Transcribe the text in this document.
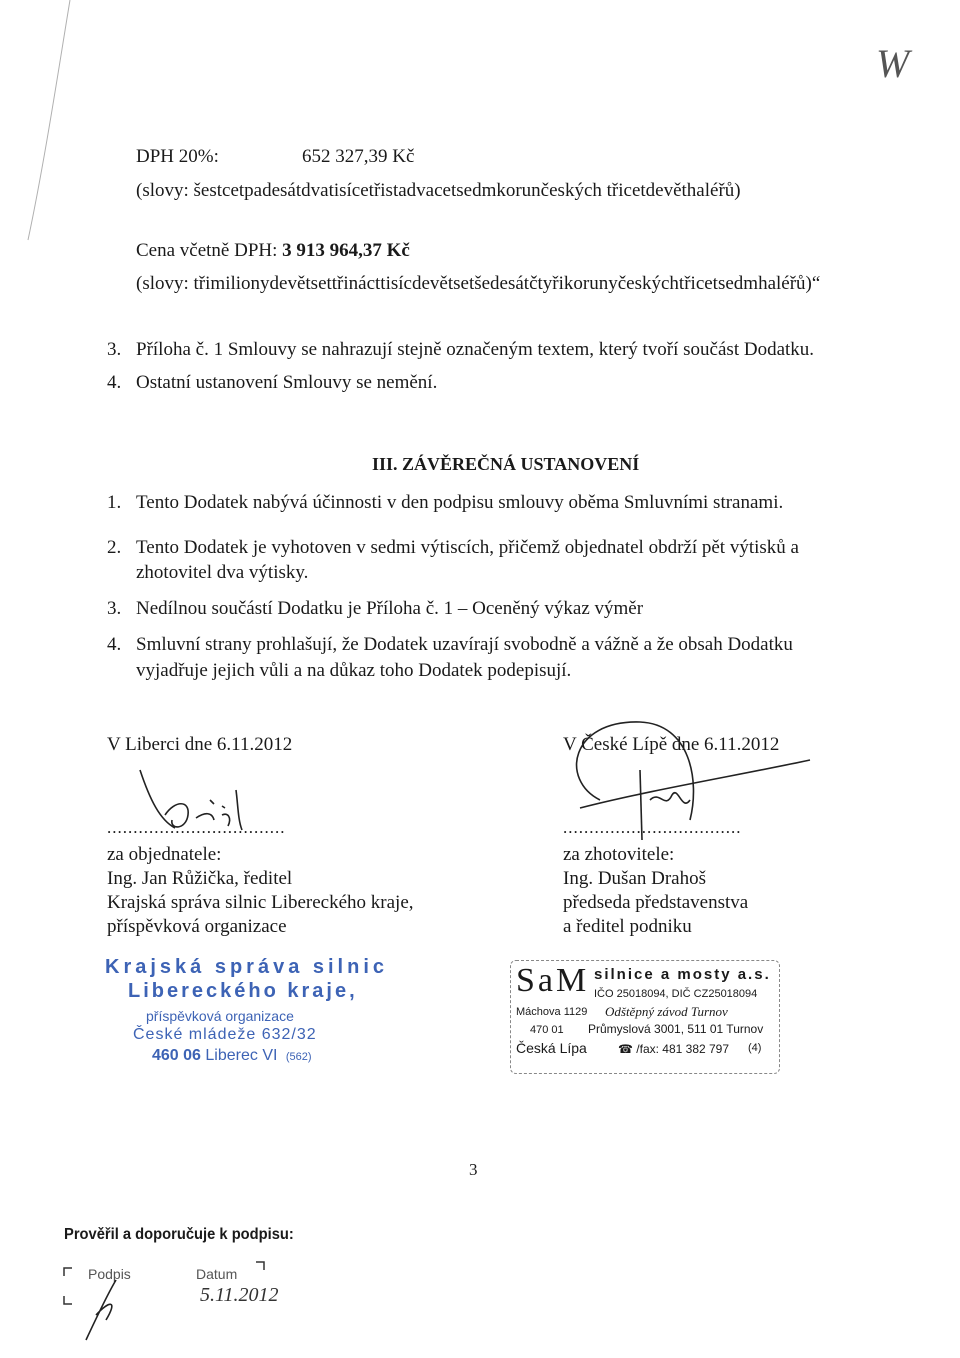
DPH 20%:	652 327,39 Kč
(slovy: šestcetpadesátdvatisícetřistadvacetsedmkorunčeských třicetdevěthaléřů)
Cena včetně DPH: 3 913 964,37 Kč
(slovy: třimilionydevětsettřinácttisícdevětsetšedesátčtyřikorunyčeskýchtřicetsedmhaléřů)“
3. Příloha č. 1 Smlouvy se nahrazují stejně označeným textem, který tvoří součást Dodatku.
4. Ostatní ustanovení Smlouvy se nemění.
III. ZÁVĚREČNÁ USTANOVENÍ
1. Tento Dodatek nabývá účinnosti v den podpisu smlouvy oběma Smluvními stranami.
2. Tento Dodatek je vyhotoven v sedmi výtiscích, přičemž objednatel obdrží pět výtisků a
zhotovitel dva výtisky.
3. Nedílnou součástí Dodatku je Příloha č. 1 – Oceněný výkaz výměr
4. Smluvní strany prohlašují, že Dodatek uzavírají svobodně a vážně a že obsah Dodatku
vyjadřuje jejich vůli a na důkaz toho Dodatek podepisují.
V Liberci dne 6.11.2012
..................................
za objednatele:
Ing. Jan Růžička, ředitel
Krajská správa silnic Libereckého kraje,
příspěvková organizace
V České Lípě dne 6.11.2012
..................................
za zhotovitele:
Ing. Dušan Drahoš
předseda představenstva
a ředitel podniku
Krajská správa silnic
Libereckého kraje,
příspěvková organizace
České mládeže 632/32
460 06 Liberec VI (562)
SaM silnice a mosty a.s.
IČO 25018094, DIČ CZ25018094
Máchova 1129
470 01
Česká Lípa
Odštěpný závod Turnov
Průmyslová 3001, 511 01 Turnov
☎ /fax: 481 382 797 (4)
3
Prověřil a doporučuje k podpisu:
Podpis	Datum
5.11.2012
W
